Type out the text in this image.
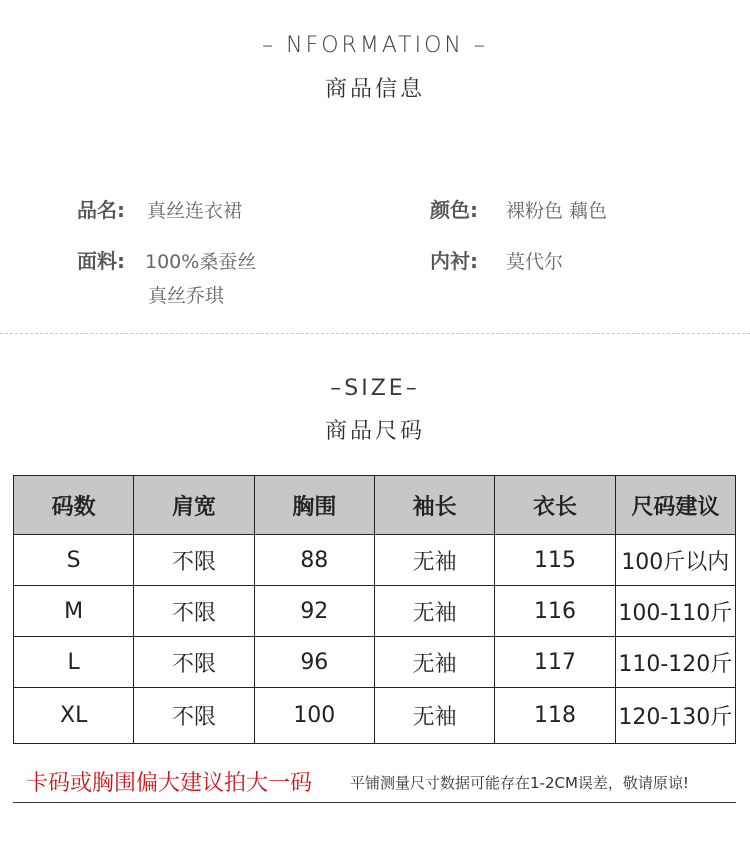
– NFORMATION –
商品信息
品名: 真丝连衣裙	颜色: 裸粉色 藕色
面料: 100%桑蚕丝
真丝乔琪
内衬: 莫代尔
–SIZE–
商品尺码
码数	肩宽	胸围	袖长	衣长	尺码建议
S	不限	88	无袖	115	100斤以内
M	不限	92	无袖	116	100-110斤
L	不限	96	无袖	117	110-120斤
XL	不限	100	无袖	118	120-130斤
卡码或胸围偏大建议拍大一码	平铺测量尺寸数据可能存在1-2CM误差，敬请原谅!
